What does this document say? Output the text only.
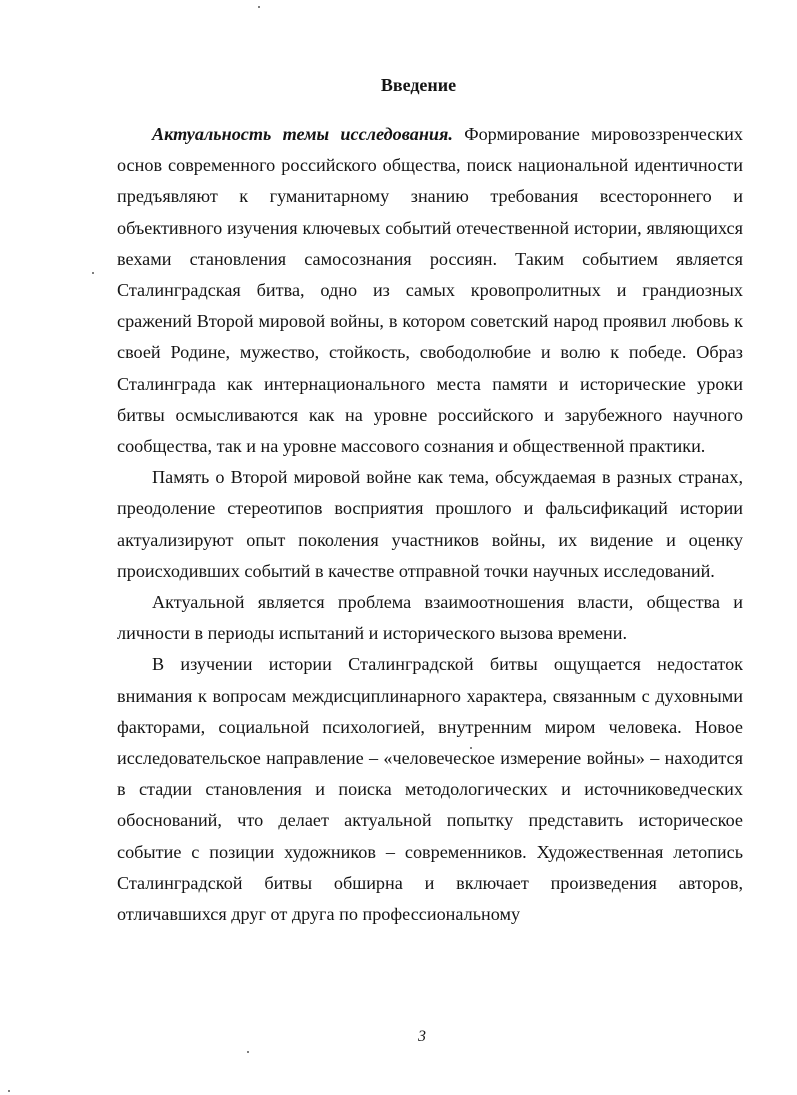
Введение

Актуальность темы исследования. Формирование мировоззренческих основ современного российского общества, поиск национальной идентичности предъявляют к гуманитарному знанию требования всестороннего и объективного изучения ключевых событий отечественной истории, являющихся вехами становления самосознания россиян. Таким событием является Сталинградская битва, одно из самых кровопролитных и грандиозных сражений Второй мировой войны, в котором советский народ проявил любовь к своей Родине, мужество, стойкость, свободолюбие и волю к победе. Образ Сталинграда как интернационального места памяти и исторические уроки битвы осмысливаются как на уровне российского и зарубежного научного сообщества, так и на уровне массового сознания и общественной практики.

Память о Второй мировой войне как тема, обсуждаемая в разных странах, преодоление стереотипов восприятия прошлого и фальсификаций истории актуализируют опыт поколения участников войны, их видение и оценку происходивших событий в качестве отправной точки научных исследований.

Актуальной является проблема взаимоотношения власти, общества и личности в периоды испытаний и исторического вызова времени.

В изучении истории Сталинградской битвы ощущается недостаток внимания к вопросам междисциплинарного характера, связанным с духовными факторами, социальной психологией, внутренним миром человека. Новое исследовательское направление – «человеческое измерение войны» – находится в стадии становления и поиска методологических и источниковедческих обоснований, что делает актуальной попытку представить историческое событие с позиции художников – современников. Художественная летопись Сталинградской битвы обширна и включает произведения авторов, отличавшихся друг от друга по профессиональному

3
